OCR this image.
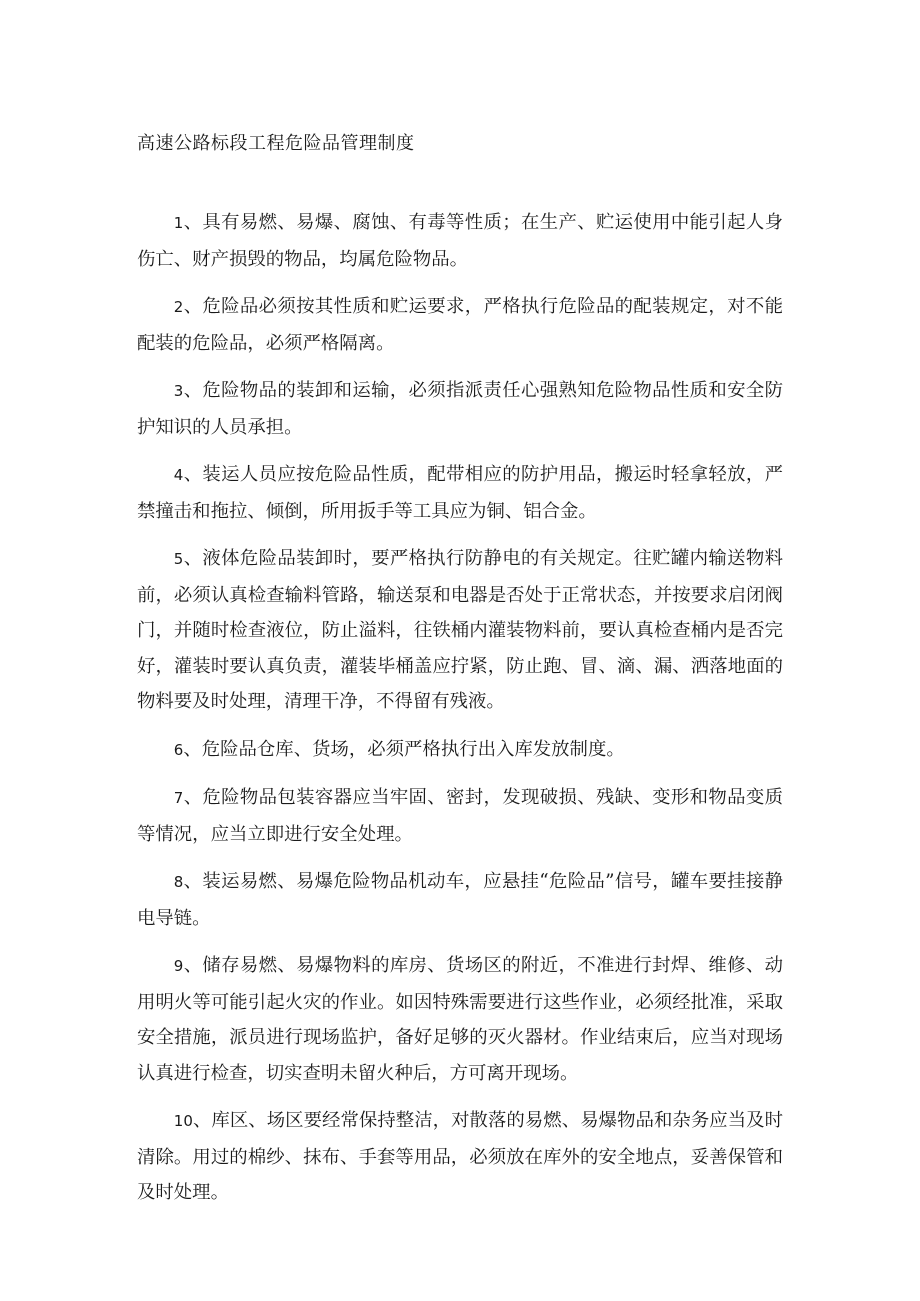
高速公路标段工程危险品管理制度

1、具有易燃、易爆、腐蚀、有毒等性质；在生产、贮运使用中能引起人身伤亡、财产损毁的物品，均属危险物品。

2、危险品必须按其性质和贮运要求，严格执行危险品的配装规定，对不能配装的危险品，必须严格隔离。

3、危险物品的装卸和运输，必须指派责任心强熟知危险物品性质和安全防护知识的人员承担。

4、装运人员应按危险品性质，配带相应的防护用品，搬运时轻拿轻放，严禁撞击和拖拉、倾倒，所用扳手等工具应为铜、铝合金。

5、液体危险品装卸时，要严格执行防静电的有关规定。往贮罐内输送物料前，必须认真检查输料管路，输送泵和电器是否处于正常状态，并按要求启闭阀门，并随时检查液位，防止溢料，往铁桶内灌装物料前，要认真检查桶内是否完好，灌装时要认真负责，灌装毕桶盖应拧紧，防止跑、冒、滴、漏、洒落地面的物料要及时处理，清理干净，不得留有残液。

6、危险品仓库、货场，必须严格执行出入库发放制度。

7、危险物品包装容器应当牢固、密封，发现破损、残缺、变形和物品变质等情况，应当立即进行安全处理。

8、装运易燃、易爆危险物品机动车，应悬挂“危险品”信号，罐车要挂接静电导链。

9、储存易燃、易爆物料的库房、货场区的附近，不准进行封焊、维修、动用明火等可能引起火灾的作业。如因特殊需要进行这些作业，必须经批准，采取安全措施，派员进行现场监护，备好足够的灭火器材。作业结束后，应当对现场认真进行检查，切实查明未留火种后，方可离开现场。

10、库区、场区要经常保持整洁，对散落的易燃、易爆物品和杂务应当及时清除。用过的棉纱、抹布、手套等用品，必须放在库外的安全地点，妥善保管和及时处理。
